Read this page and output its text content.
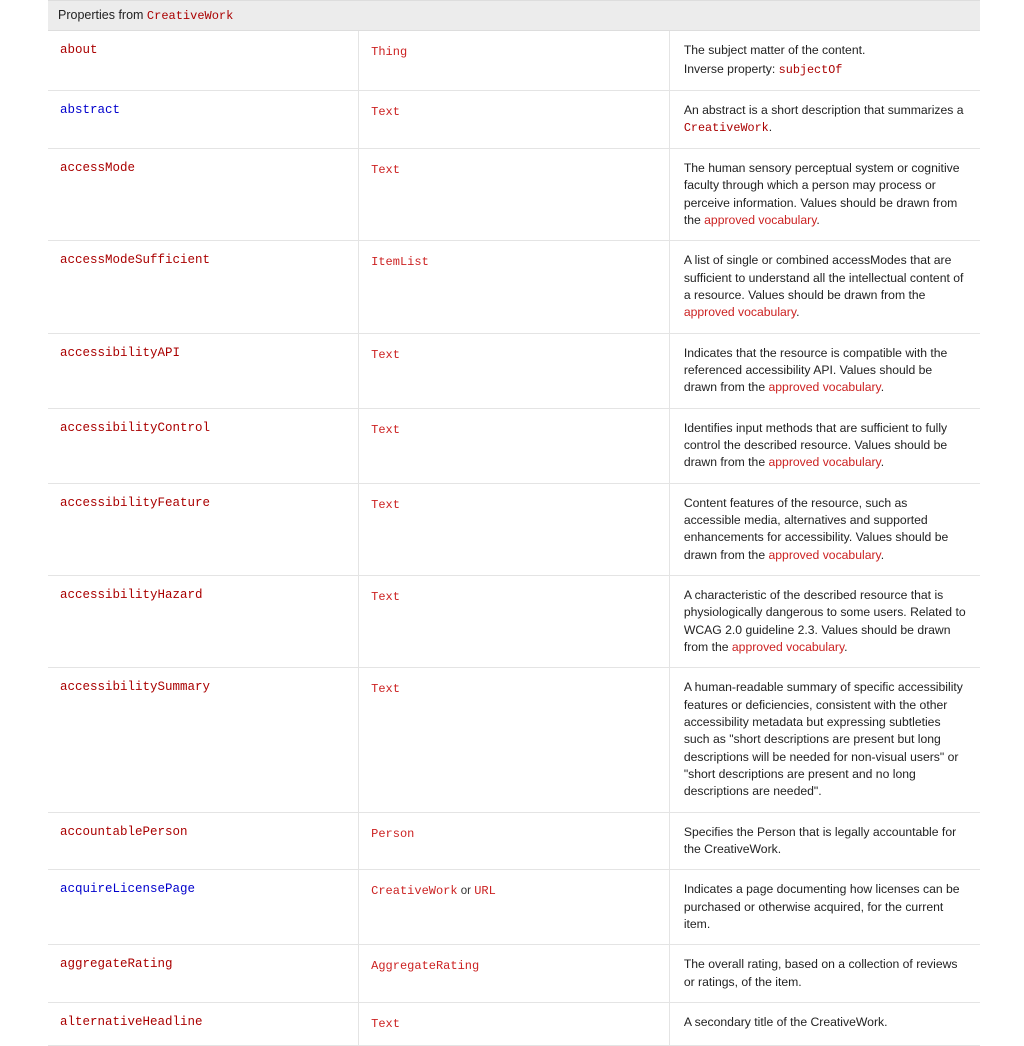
Properties from CreativeWork		
about	Thing	The subject matter of the content.
Inverse property: subjectOf

abstract	Text	An abstract is a short description that summarizes a CreativeWork.
accessMode	Text	The human sensory perceptual system or cognitive faculty through which a person may process or perceive information. Values should be drawn from the approved vocabulary.
accessModeSufficient	ItemList	A list of single or combined accessModes that are sufficient to understand all the intellectual content of a resource. Values should be drawn from the approved vocabulary.
accessibilityAPI	Text	Indicates that the resource is compatible with the referenced accessibility API. Values should be drawn from the approved vocabulary.
accessibilityControl	Text	Identifies input methods that are sufficient to fully control the described resource. Values should be drawn from the approved vocabulary.
accessibilityFeature	Text	Content features of the resource, such as accessible media, alternatives and supported enhancements for accessibility. Values should be drawn from the approved vocabulary.
accessibilityHazard	Text	A characteristic of the described resource that is physiologically dangerous to some users. Related to WCAG 2.0 guideline 2.3. Values should be drawn from the approved vocabulary.
accessibilitySummary	Text	A human-readable summary of specific accessibility features or deficiencies, consistent with the other accessibility metadata but expressing subtleties such as "short descriptions are present but long descriptions will be needed for non-visual users" or "short descriptions are present and no long descriptions are needed".
accountablePerson	Person	Specifies the Person that is legally accountable for the CreativeWork.
acquireLicensePage	CreativeWork or URL	Indicates a page documenting how licenses can be purchased or otherwise acquired, for the current item.
aggregateRating	AggregateRating	The overall rating, based on a collection of reviews or ratings, of the item.
alternativeHeadline	Text	A secondary title of the CreativeWork.
